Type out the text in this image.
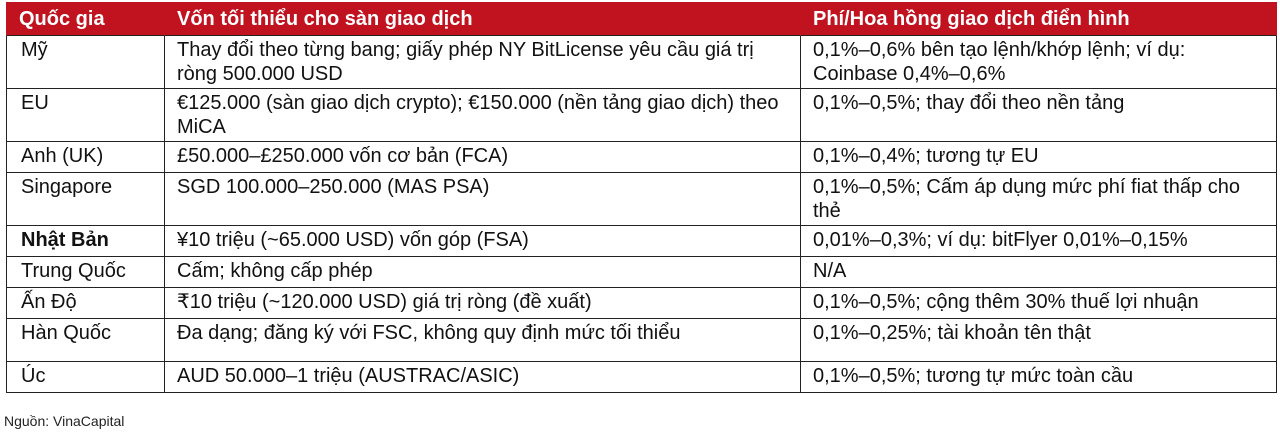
Quốc gia	Vốn tối thiểu cho sàn giao dịch	Phí/Hoa hồng giao dịch điển hình
Mỹ	Thay đổi theo từng bang; giấy phép NY BitLicense yêu cầu giá trị ròng 500.000 USD	0,1%–0,6% bên tạo lệnh/khớp lệnh; ví dụ: Coinbase 0,4%–0,6%
EU	€125.000 (sàn giao dịch crypto); €150.000 (nền tảng giao dịch) theo MiCA	0,1%–0,5%; thay đổi theo nền tảng
Anh (UK)	£50.000–£250.000 vốn cơ bản (FCA)	0,1%–0,4%; tương tự EU
Singapore	SGD 100.000–250.000 (MAS PSA)	0,1%–0,5%; Cấm áp dụng mức phí fiat thấp cho thẻ
Nhật Bản	¥10 triệu (~65.000 USD) vốn góp (FSA)	0,01%–0,3%; ví dụ: bitFlyer 0,01%–0,15%
Trung Quốc	Cấm; không cấp phép	N/A
Ấn Độ	₹10 triệu (~120.000 USD) giá trị ròng (đề xuất)	0,1%–0,5%; cộng thêm 30% thuế lợi nhuận
Hàn Quốc	Đa dạng; đăng ký với FSC, không quy định mức tối thiểu	0,1%–0,25%; tài khoản tên thật
Úc	AUD 50.000–1 triệu (AUSTRAC/ASIC)	0,1%–0,5%; tương tự mức toàn cầu
Nguồn: VinaCapital
